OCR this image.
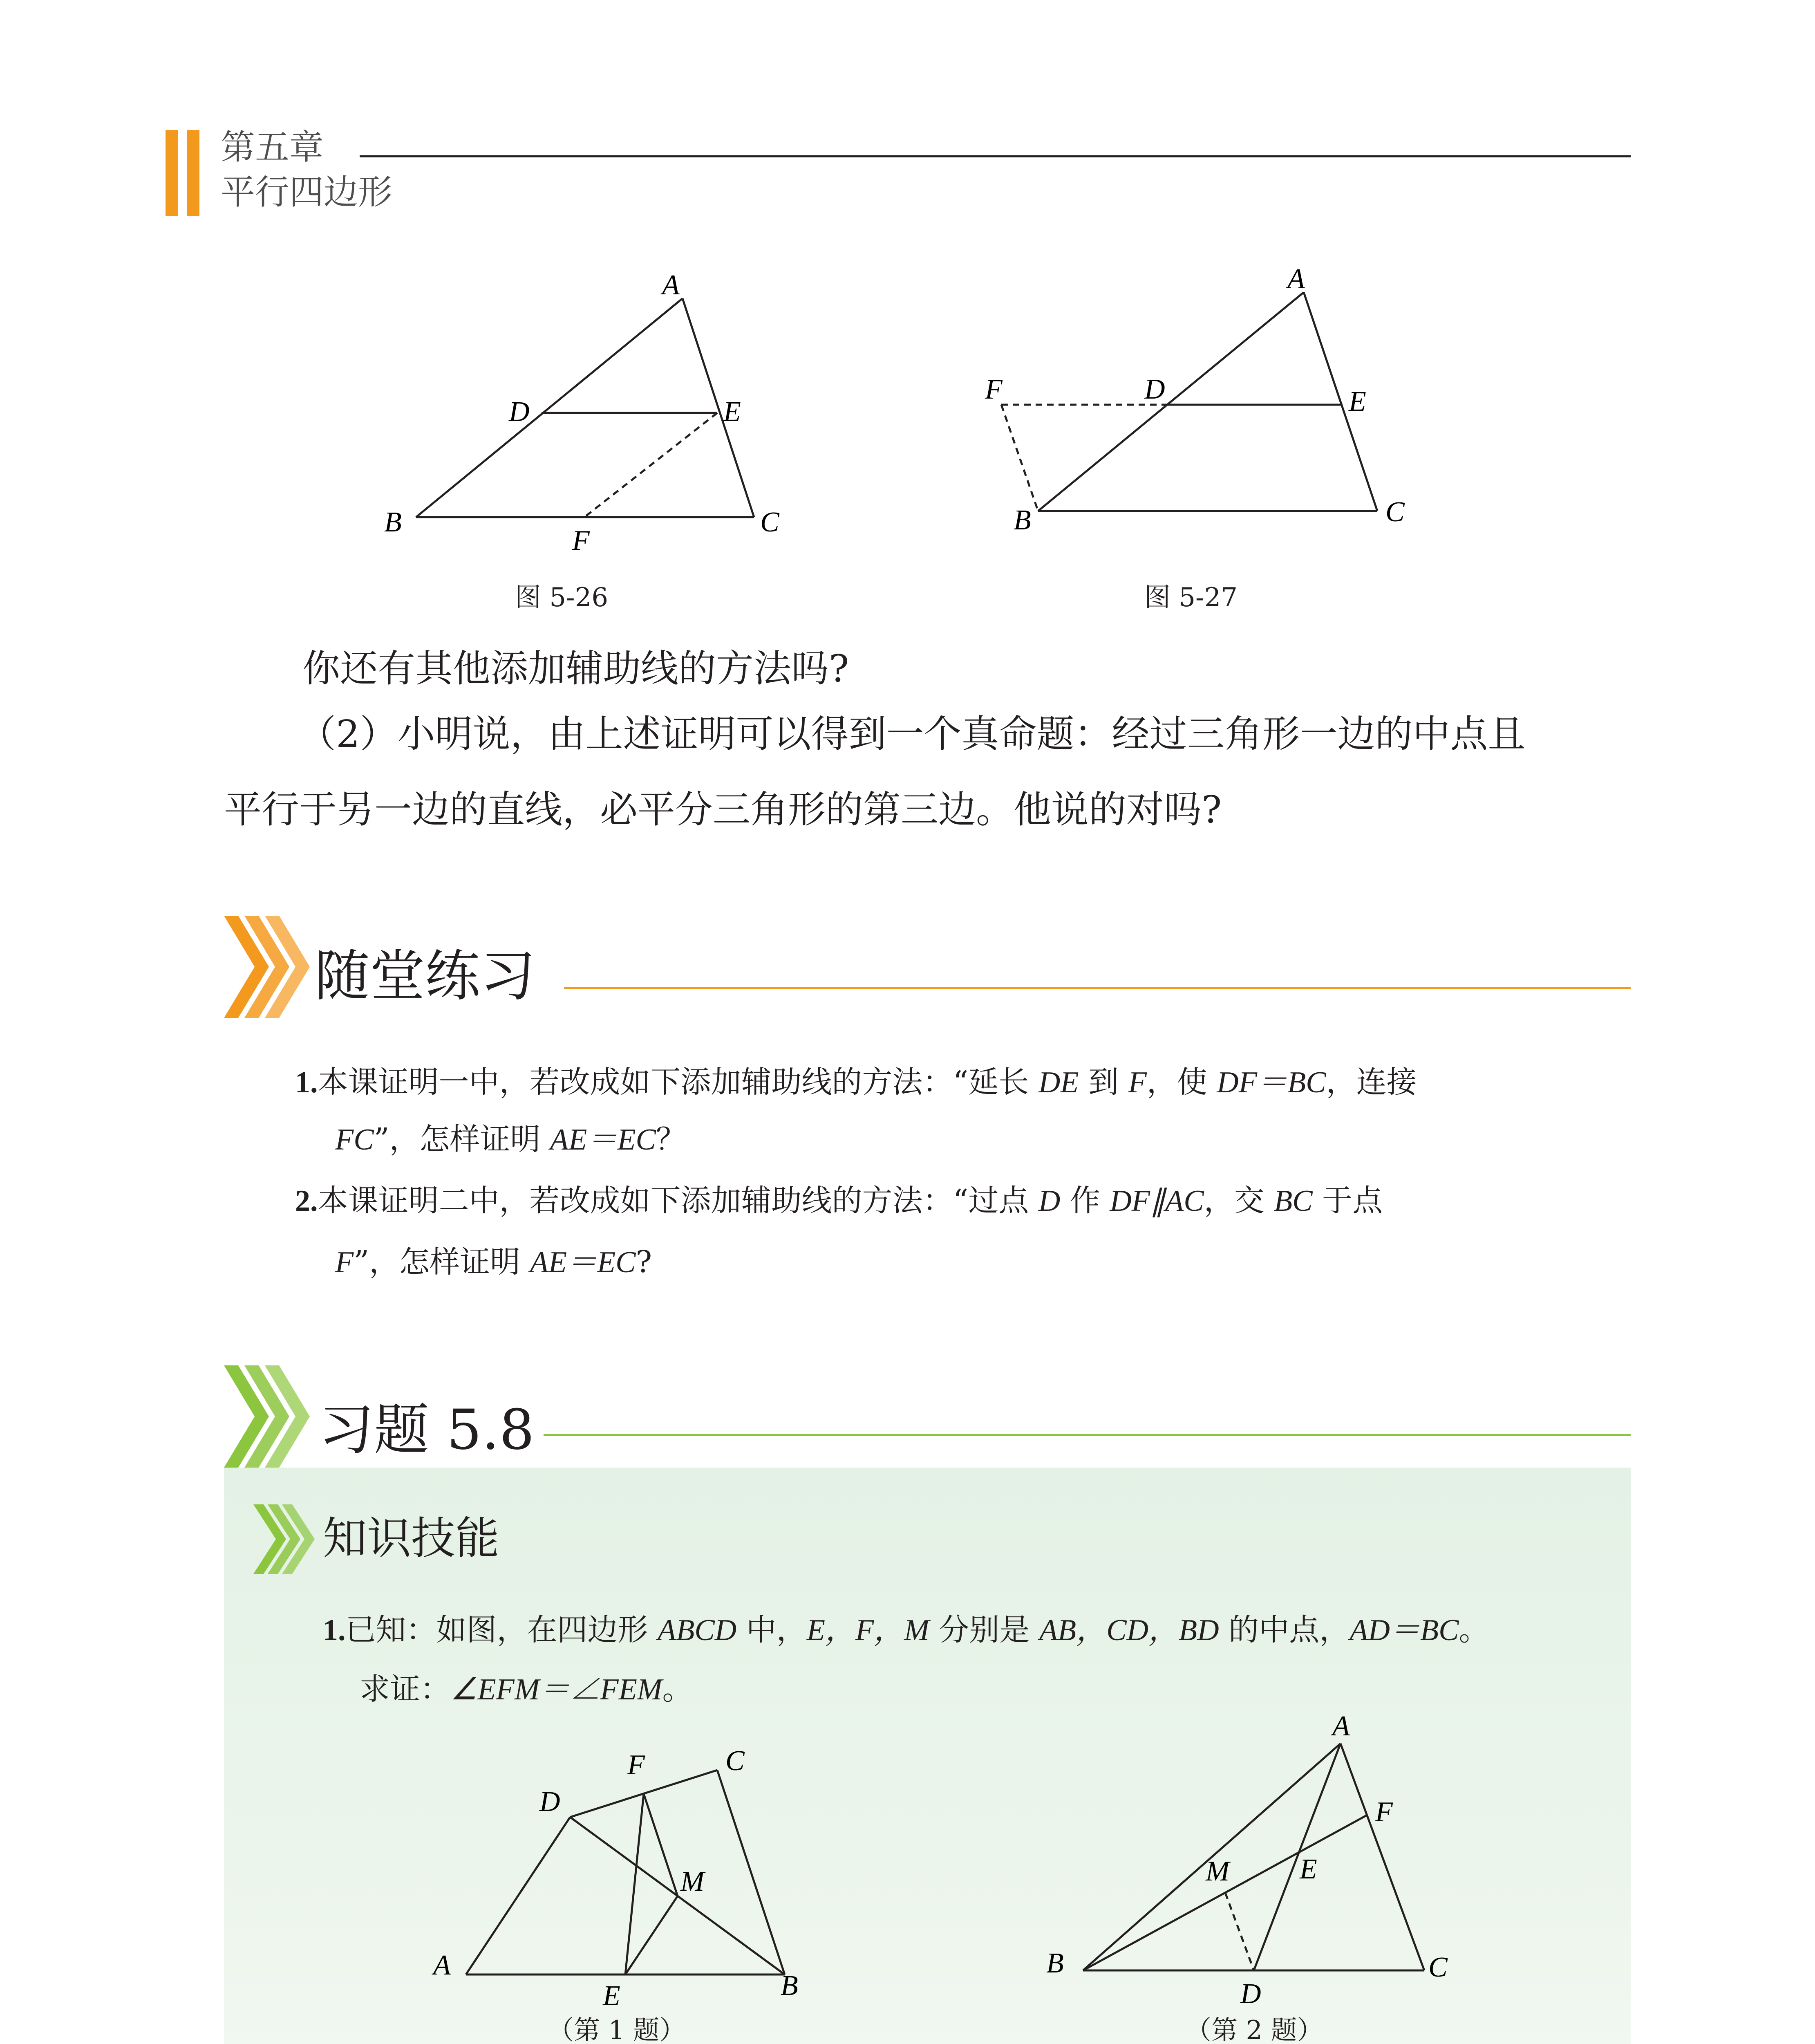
第五章
平行四边形
A
D	E
B
F
C
图 5-26
A
F	D	E
B	C
图 5-27
你还有其他添加辅助线的方法吗?
（2）小明说，由上述证明可以得到一个真命题：经过三角形一边的中点且
平行于另一边的直线，必平分三角形的第三边。他说的对吗?
随堂练习
1.本课证明一中，若改成如下添加辅助线的方法：“延长 DE 到 F，使 DF＝BC，连接
FC”，怎样证明 AE＝EC？
2.本课证明二中，若改成如下添加辅助线的方法：“过点 D 作 DF∥AC，交 BC 于点
F”，怎样证明 AE＝EC?
习题 5.8
知识技能
1.已知：如图，在四边形 ABCD 中，E，F，M 分别是 AB，CD，BD 的中点，AD＝BC。
求证：∠EFM＝∠FEM。
D
F	C
M
A
E	B
（第 1 题）
A
F
M E
B
D
C
（第 2 题）
